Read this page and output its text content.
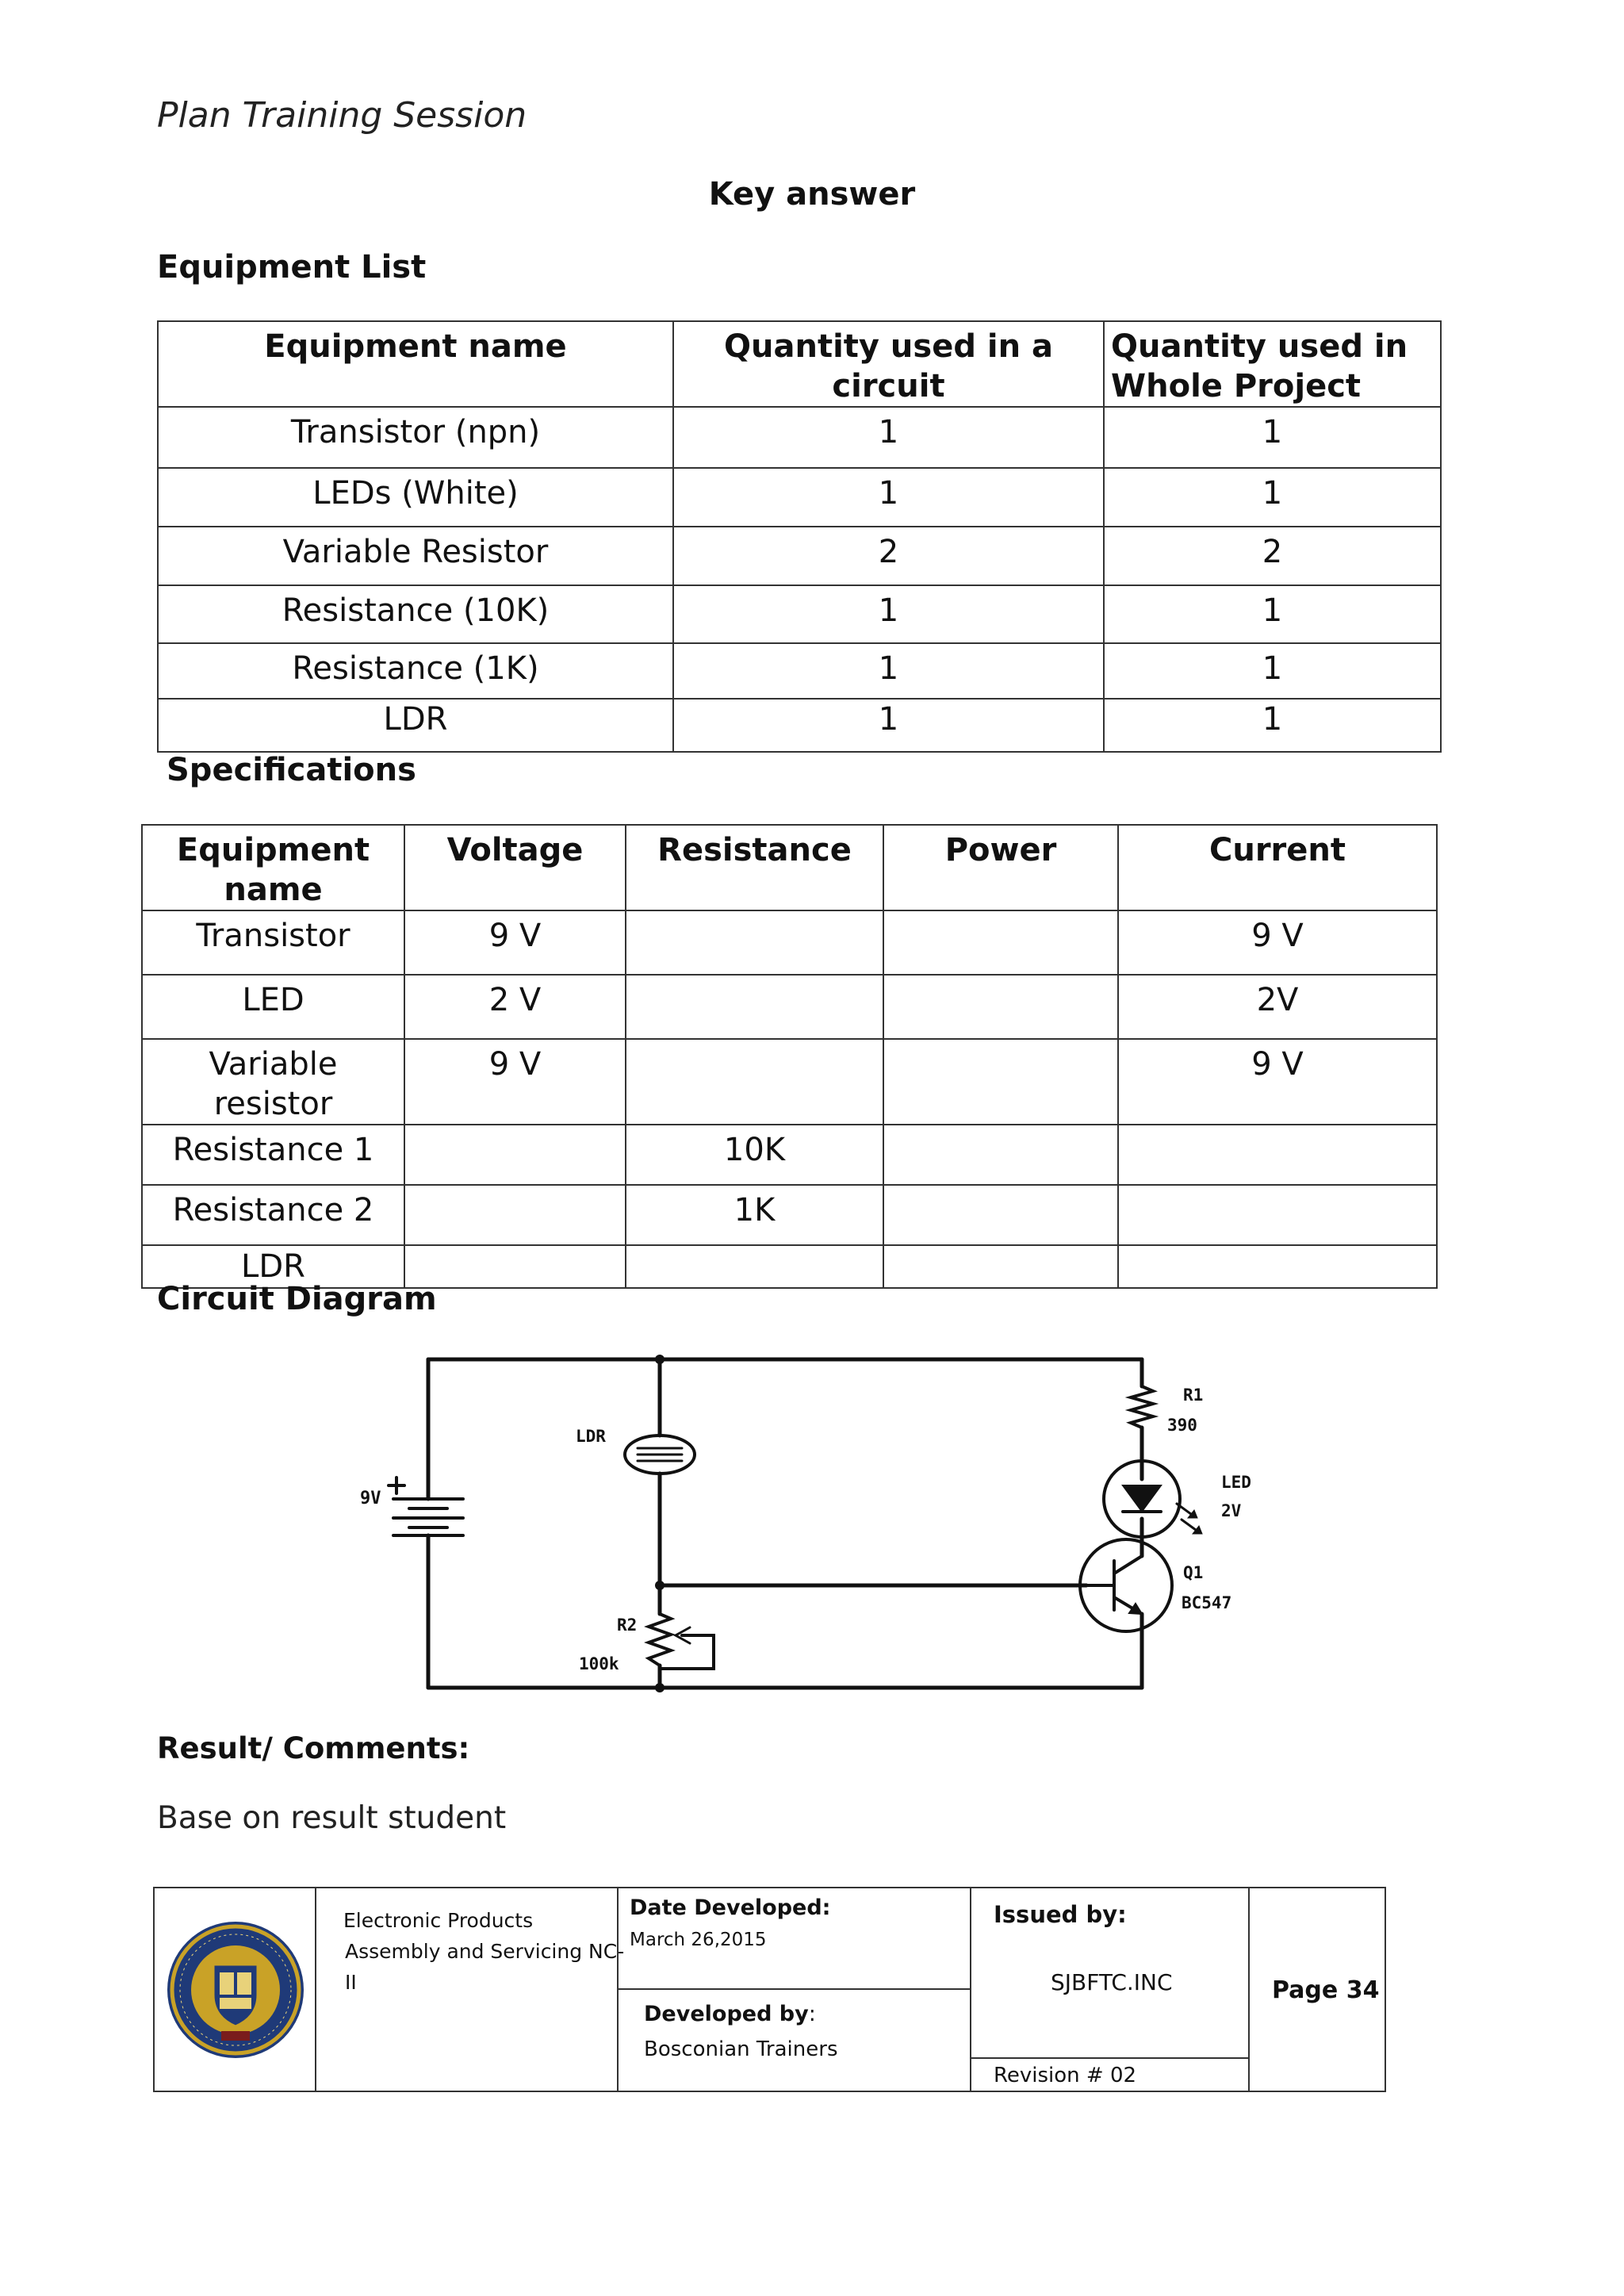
Plan Training Session
Key answer
Equipment List
Equipment name	Quantity used in a circuit	Quantity used in Whole Project
Transistor (npn)	1	1
LEDs (White)	1	1
Variable Resistor	2	2
Resistance (10K)	1	1
Resistance (1K)	1	1
LDR	1	1
Specifications
Equipment name	Voltage	Resistance	Power	Current
Transistor	9 V			9 V
LED	2 V			2V
Variable resistor	9 V			9 V
Resistance 1		10K		
Resistance 2		1K		
LDR				
Circuit Diagram
9V
LDR
R2
100k
R1
390
LED
2V
Q1
BC547
Result/ Comments:
Base on result student
Electronic Products
Assembly and Servicing NC-
II
Date Developed:
March 26,2015
Developed by:
Bosconian Trainers
Issued by:
SJBFTC.INC
Revision # 02
Page 34
